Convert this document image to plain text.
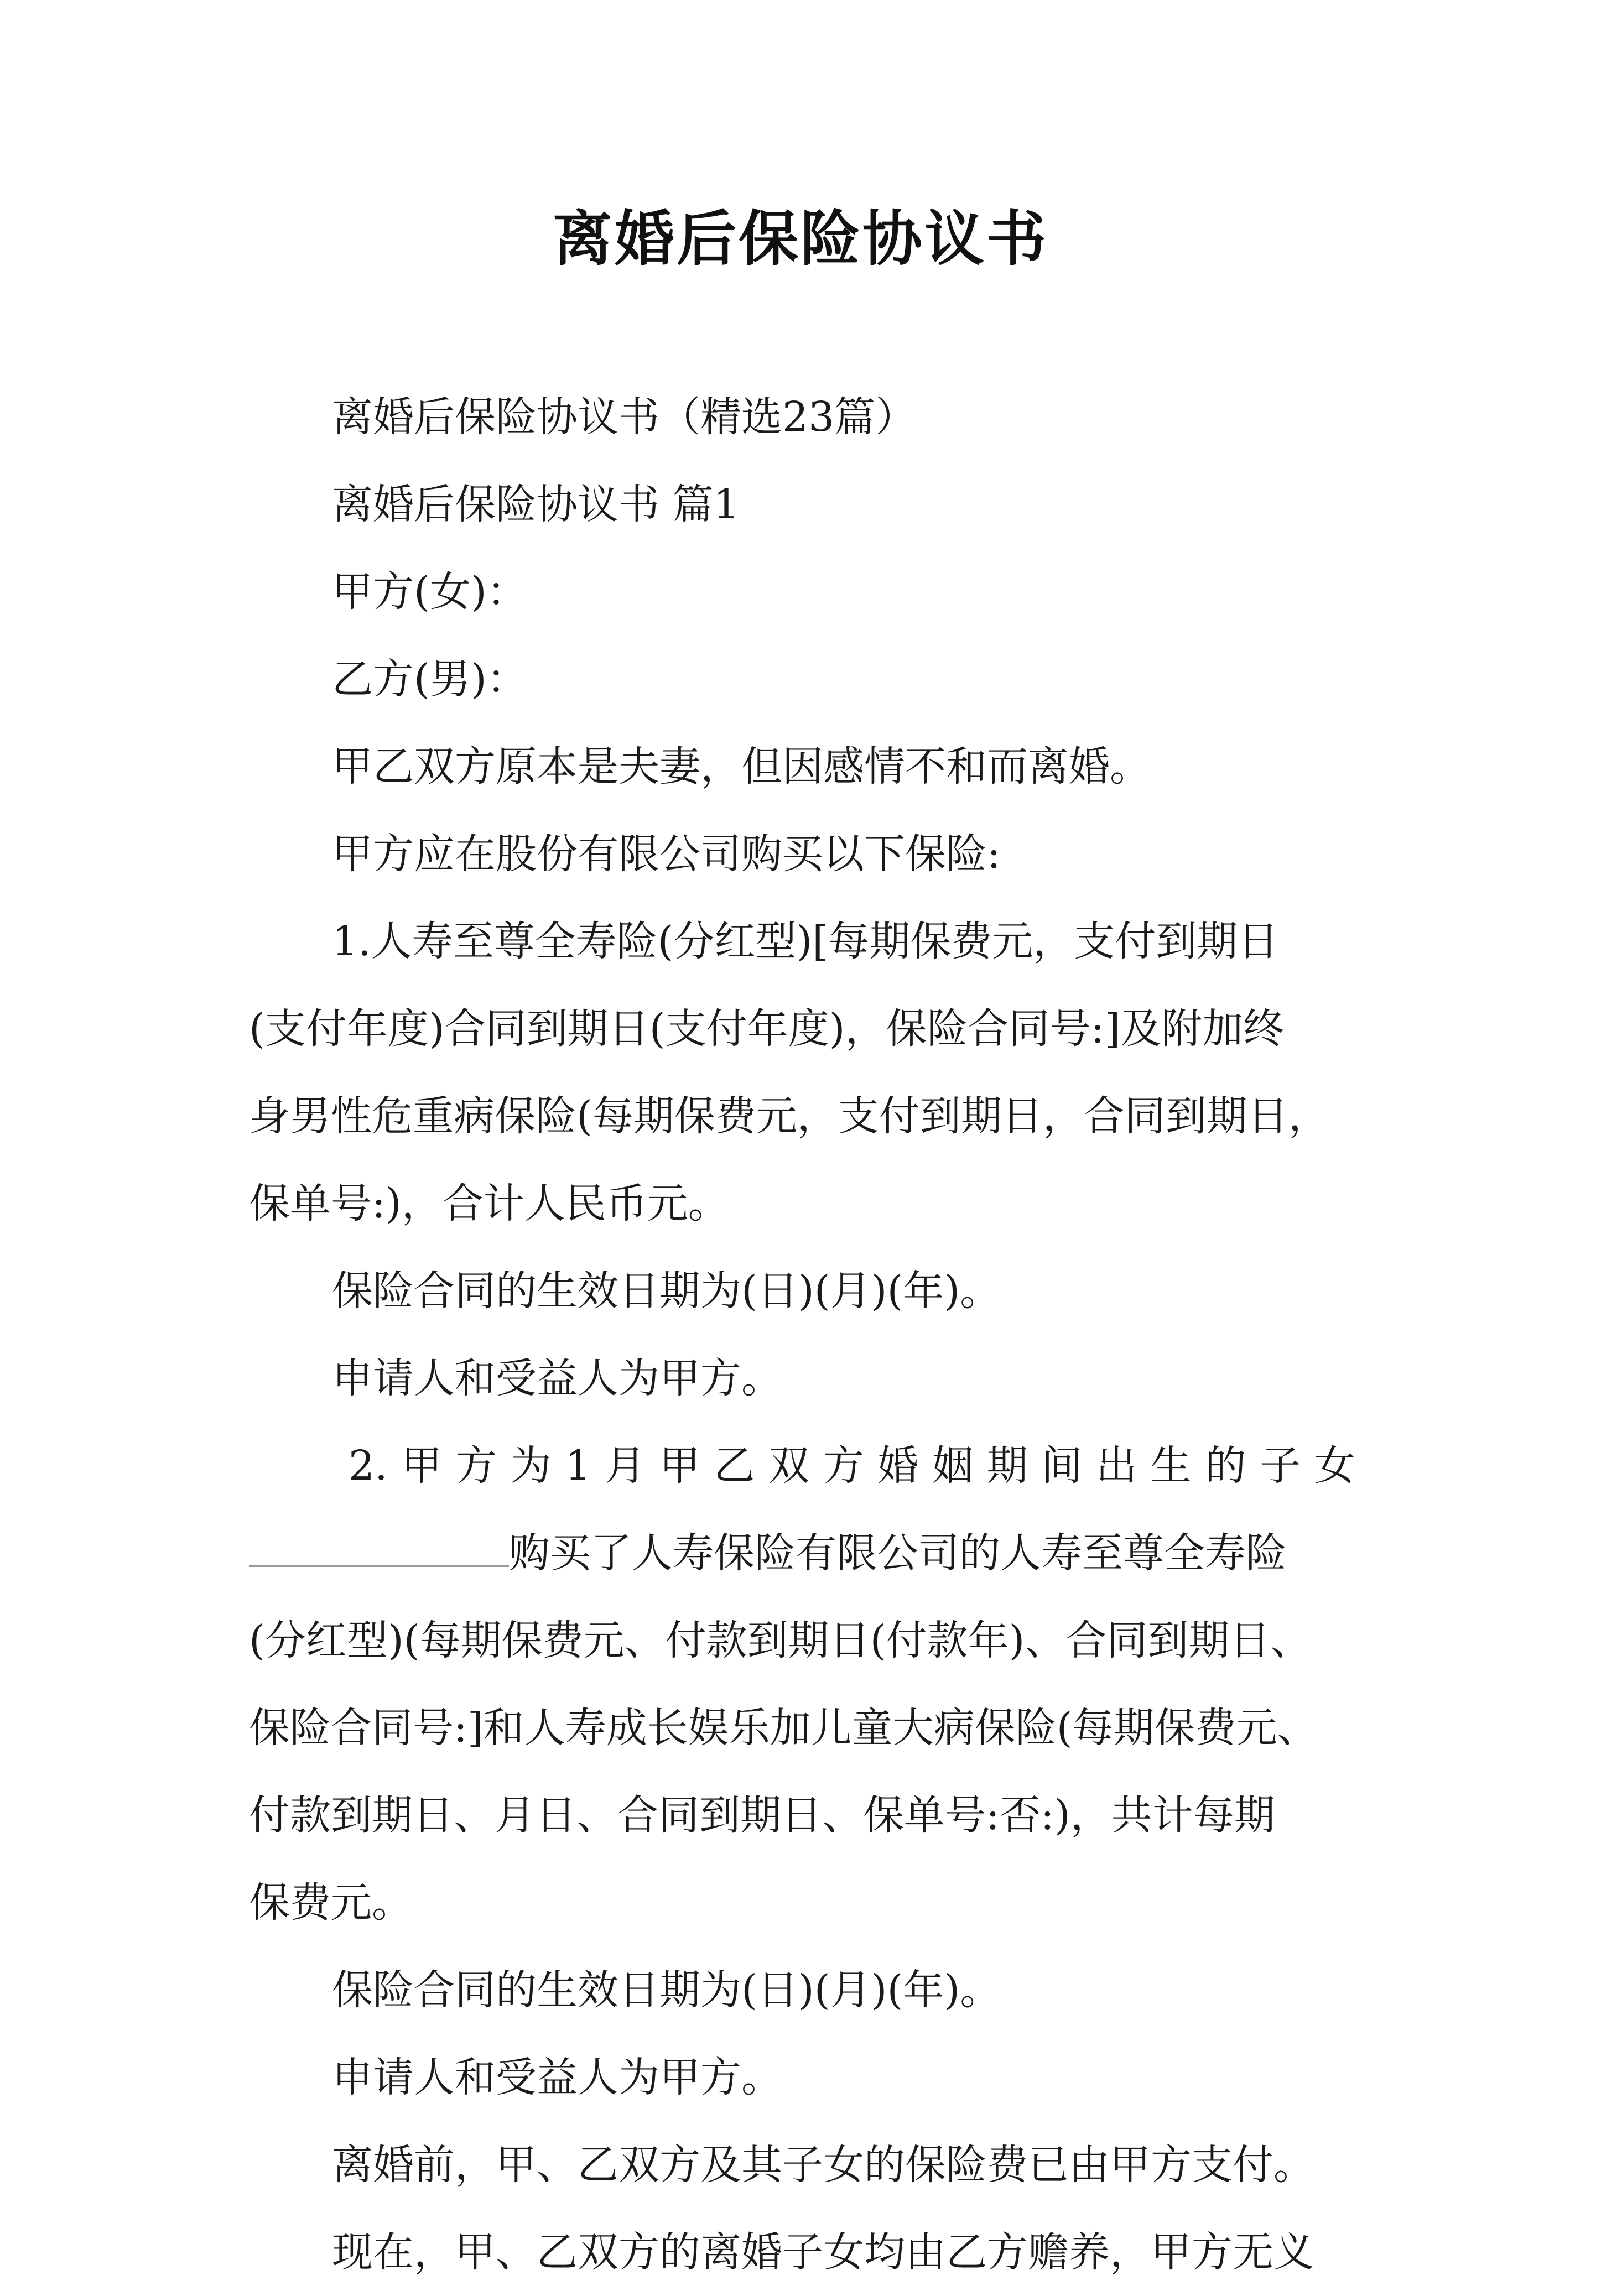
离婚后保险协议书
离婚后保险协议书（精选23篇）
离婚后保险协议书 篇1
甲方(女)：
乙方(男)：
甲乙双方原本是夫妻，但因感情不和而离婚。
甲方应在股份有限公司购买以下保险:
1.人寿至尊全寿险(分红型)[每期保费元，支付到期日
(支付年度)合同到期日(支付年度)，保险合同号:]及附加终
身男性危重病保险(每期保费元，支付到期日，合同到期日，
保单号:)，合计人民币元。
保险合同的生效日期为(日)(月)(年)。
申请人和受益人为甲方。
2. 甲 方 为 1 月 甲 乙 双 方 婚 姻 期 间 出 生 的 子 女
购买了人寿保险有限公司的人寿至尊全寿险
(分红型)(每期保费元、付款到期日(付款年)、合同到期日、
保险合同号:]和人寿成长娱乐加儿童大病保险(每期保费元、
付款到期日、月日、合同到期日、保单号:否:)，共计每期
保费元。
保险合同的生效日期为(日)(月)(年)。
申请人和受益人为甲方。
离婚前，甲、乙双方及其子女的保险费已由甲方支付。
现在，甲、乙双方的离婚子女均由乙方赡养，甲方无义
